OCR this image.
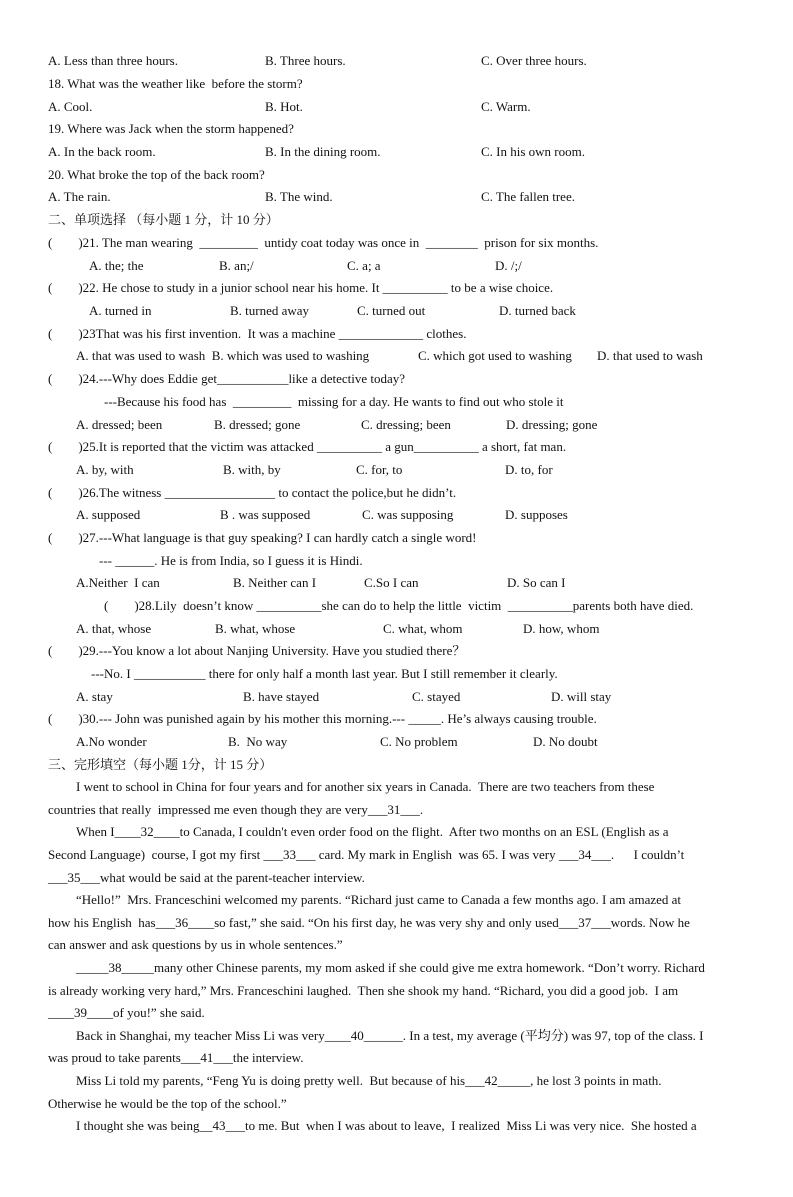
A. Less than three hours.	B. Three hours.	C. Over three hours.
18. What was the weather like  before the storm?
A. Cool.	B. Hot.	C. Warm.
19. Where was Jack when the storm happened?
A. In the back room.	B. In the dining room.	C. In his own room.
20. What broke the top of the back room?
A. The rain.	B. The wind.	C. The fallen tree.
二、单项选择 （每小题 1 分，计 10 分）
(        )21. The man wearing  _________  untidy coat today was once in  ________  prison for six months.
A. the; the	B. an;/	C. a; a	D. /;/
(        )22. He chose to study in a junior school near his home. It __________ to be a wise choice.
A. turned in	B. turned away	C. turned out	D. turned back
(        )23That was his first invention.  It was a machine _____________ clothes.
A. that was used to wash  B. which was used to washing	C. which got used to washing D. that used to wash
(        )24.---Why does Eddie get___________like a detective today?
---Because his food has  _________  missing for a day. He wants to find out who stole it
A. dressed; been	B. dressed; gone	C. dressing; been	D. dressing; gone
(        )25.It is reported that the victim was attacked __________ a gun__________ a short, fat man.
A. by, with	B. with, by	C. for, to	D. to, for
(        )26.The witness _________________ to contact the police,but he didn’t.
A. supposed	B . was supposed	C. was supposing	D. supposes
(        )27.---What language is that guy speaking? I can hardly catch a single word!
--- ______. He is from India, so I guess it is Hindi.
A.Neither  I can	B. Neither can I	C.So I can	D. So can I
(        )28.Lily  doesn’t know __________she can do to help the little  victim  __________parents both have died.
A. that, whose	B. what, whose	C. what, whom	D. how, whom
(        )29.---You know a lot about Nanjing University. Have you studied there？
---No. I ___________ there for only half a month last year. But I still remember it clearly.
A. stay	B. have stayed	C. stayed	D. will stay
(        )30.--- John was punished again by his mother this morning.--- _____. He’s always causing trouble.
A.No wonder	B.  No way	C. No problem	D. No doubt
三、完形填空（每小题 1分，计 15 分）
I went to school in China for four years and for another six years in Canada.  There are two teachers from these
countries that really  impressed me even though they are very___31___.
When I____32____to Canada, I couldn't even order food on the flight.  After two months on an ESL (English as a
Second Language)  course, I got my first ___33___ card. My mark in English  was 65. I was very ___34___.      I couldn’t
___35___what would be said at the parent-teacher interview.
“Hello!”  Mrs. Franceschini welcomed my parents. “Richard just came to Canada a few months ago. I am amazed at
how his English  has___36____so fast,” she said. “On his first day, he was very shy and only used___37___words. Now he
can answer and ask questions by us in whole sentences.”
_____38_____many other Chinese parents, my mom asked if she could give me extra homework. “Don’t worry. Richard
is already working very hard,” Mrs. Franceschini laughed.  Then she shook my hand. “Richard, you did a good job.  I am
____39____of you!” she said.
Back in Shanghai, my teacher Miss Li was very____40______. In a test, my average (平均分) was 97, top of the class. I
was proud to take parents___41___the interview.
Miss Li told my parents, “Feng Yu is doing pretty well.  But because of his___42_____, he lost 3 points in math.
Otherwise he would be the top of the school.”
I thought she was being__43___to me. But  when I was about to leave,  I realized  Miss Li was very nice.  She hosted a
